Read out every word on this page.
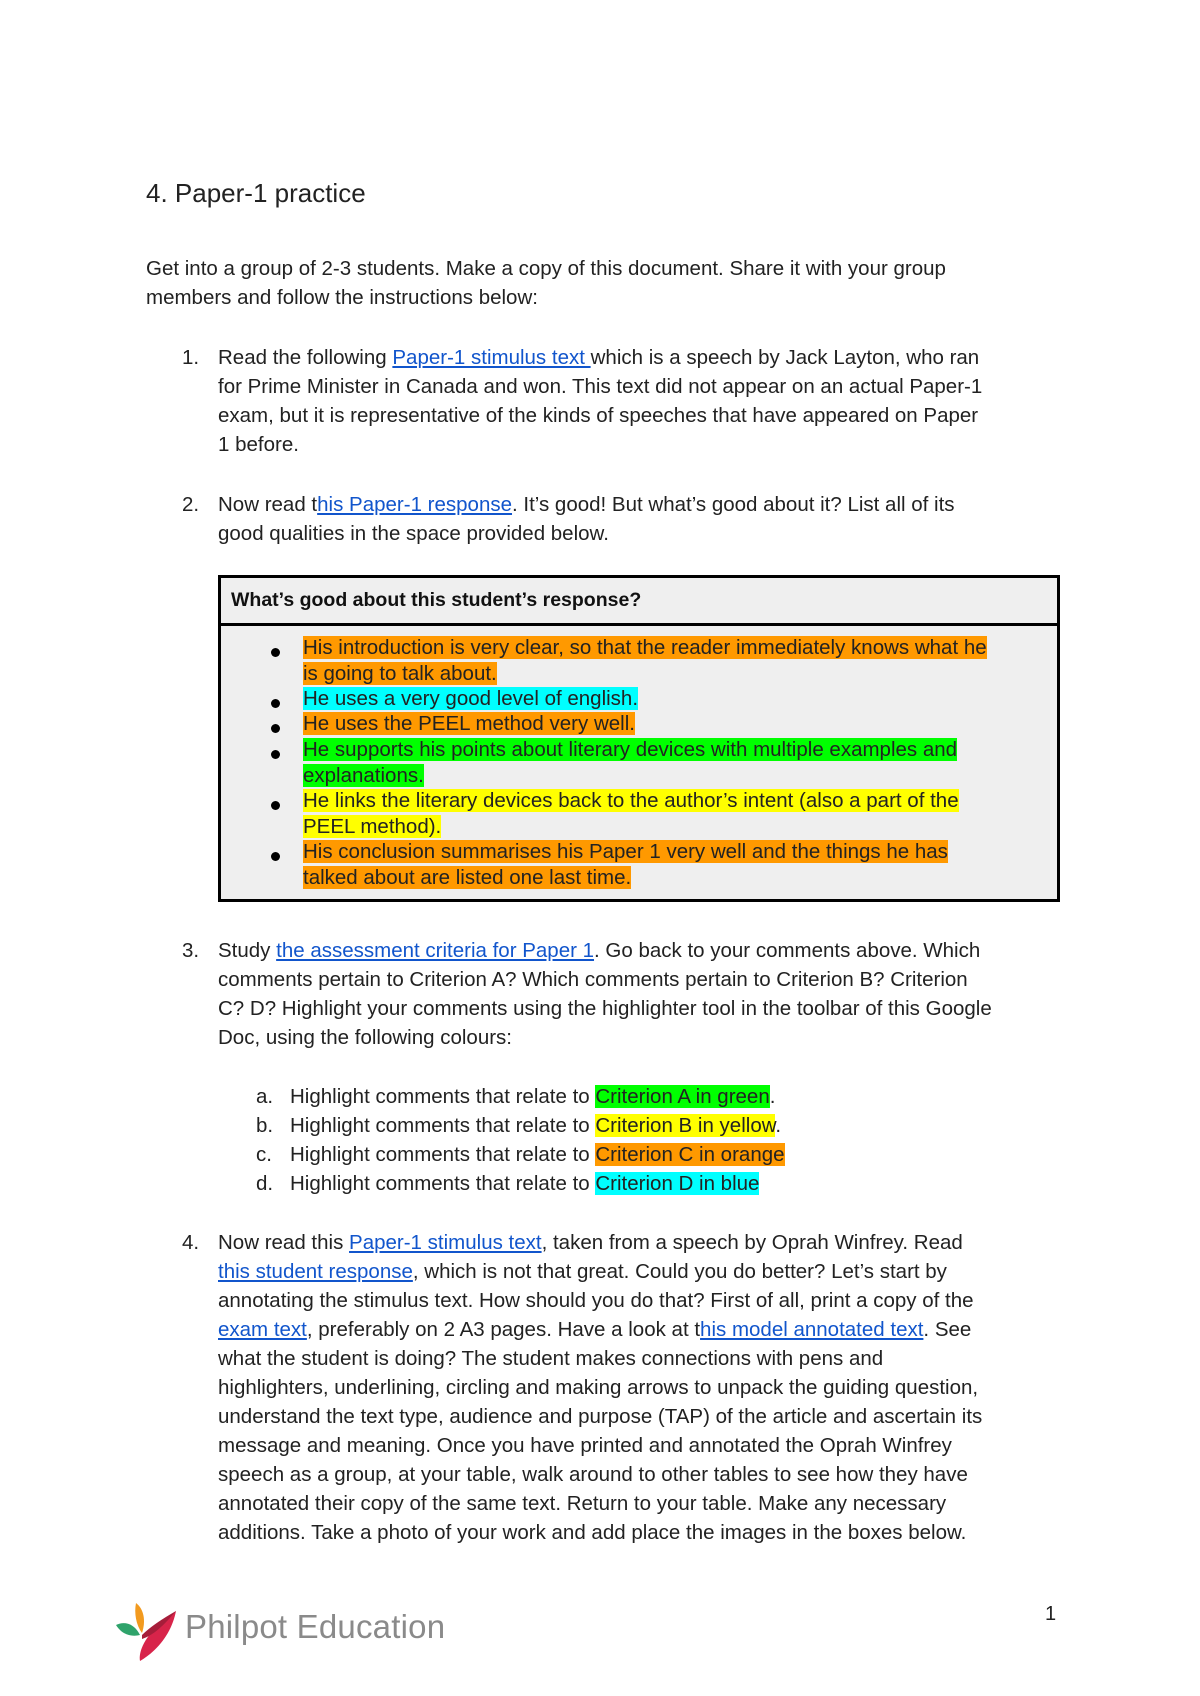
4. Paper-1 practice
Get into a group of 2-3 students. Make a copy of this document. Share it with your group
members and follow the instructions below:
1. Read the following Paper-1 stimulus text which is a speech by Jack Layton, who ran
for Prime Minister in Canada and won. This text did not appear on an actual Paper-1
exam, but it is representative of the kinds of speeches that have appeared on Paper
1 before.
2. Now read this Paper-1 response. It’s good! But what’s good about it? List all of its
good qualities in the space provided below.
What’s good about this student’s response?
His introduction is very clear, so that the reader immediately knows what he
is going to talk about.
He uses a very good level of english.
He uses the PEEL method very well.
He supports his points about literary devices with multiple examples and
explanations.
He links the literary devices back to the author’s intent (also a part of the
PEEL method).
His conclusion summarises his Paper 1 very well and the things he has
talked about are listed one last time.
3. Study the assessment criteria for Paper 1. Go back to your comments above. Which
comments pertain to Criterion A? Which comments pertain to Criterion B? Criterion
C? D? Highlight your comments using the highlighter tool in the toolbar of this Google
Doc, using the following colours:
a. Highlight comments that relate to Criterion A in green.
b. Highlight comments that relate to Criterion B in yellow.
c. Highlight comments that relate to Criterion C in orange
d. Highlight comments that relate to Criterion D in blue
4. Now read this Paper-1 stimulus text, taken from a speech by Oprah Winfrey. Read
this student response, which is not that great. Could you do better? Let’s start by
annotating the stimulus text. How should you do that? First of all, print a copy of the
exam text, preferably on 2 A3 pages. Have a look at this model annotated text. See
what the student is doing? The student makes connections with pens and
highlighters, underlining, circling and making arrows to unpack the guiding question,
understand the text type, audience and purpose (TAP) of the article and ascertain its
message and meaning. Once you have printed and annotated the Oprah Winfrey
speech as a group, at your table, walk around to other tables to see how they have
annotated their copy of the same text. Return to your table. Make any necessary
additions. Take a photo of your work and add place the images in the boxes below.
Philpot Education	1
